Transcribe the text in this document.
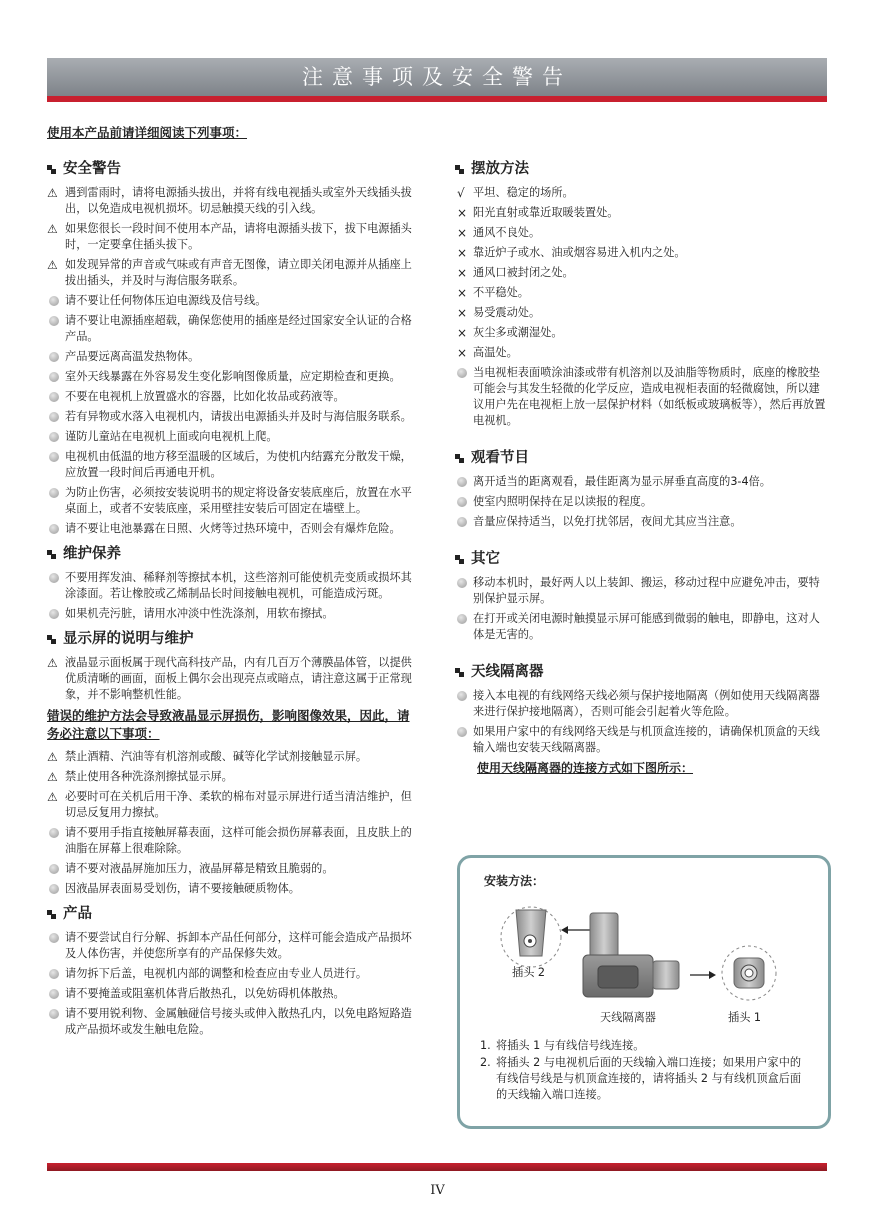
注意事项及安全警告
使用本产品前请详细阅读下列事项：
安全警告
⚠ 遇到雷雨时，请将电源插头拔出，并将有线电视插头或室外天线插头拔出，以免造成电视机损坏。切忌触摸天线的引入线。
⚠ 如果您很长一段时间不使用本产品，请将电源插头拔下，拔下电源插头时，一定要拿住插头拔下。
⚠ 如发现异常的声音或气味或有声音无图像，请立即关闭电源并从插座上拔出插头，并及时与海信服务联系。
请不要让任何物体压迫电源线及信号线。
请不要让电源插座超载，确保您使用的插座是经过国家安全认证的合格产品。
产品要远离高温发热物体。
室外天线暴露在外容易发生变化影响图像质量，应定期检查和更换。
不要在电视机上放置盛水的容器，比如化妆品或药液等。
若有异物或水落入电视机内，请拔出电源插头并及时与海信服务联系。
谨防儿童站在电视机上面或向电视机上爬。
电视机由低温的地方移至温暖的区域后，为使机内结露充分散发干燥，应放置一段时间后再通电开机。
为防止伤害，必须按安装说明书的规定将设备安装底座后，放置在水平桌面上，或者不安装底座，采用壁挂安装后可固定在墙壁上。
请不要让电池暴露在日照、火烤等过热环境中，否则会有爆炸危险。
维护保养
不要用挥发油、稀释剂等擦拭本机，这些溶剂可能使机壳变质或损坏其涂漆面。若让橡胶或乙烯制品长时间接触电视机，可能造成污斑。
如果机壳污脏，请用水冲淡中性洗涤剂，用软布擦拭。
显示屏的说明与维护
⚠ 液晶显示面板属于现代高科技产品，内有几百万个薄膜晶体管，以提供优质清晰的画面，面板上偶尔会出现亮点或暗点，请注意这属于正常现象，并不影响整机性能。
错误的维护方法会导致液晶显示屏损伤，影响图像效果，因此，请务必注意以下事项：
⚠ 禁止酒精、汽油等有机溶剂或酸、碱等化学试剂接触显示屏。
⚠ 禁止使用各种洗涤剂擦拭显示屏。
⚠ 必要时可在关机后用干净、柔软的棉布对显示屏进行适当清洁维护，但切忌反复用力擦拭。
请不要用手指直接触屏幕表面，这样可能会损伤屏幕表面，且皮肤上的油脂在屏幕上很难除除。
请不要对液晶屏施加压力，液晶屏幕是精致且脆弱的。
因液晶屏表面易受划伤，请不要接触硬质物体。
产品
请不要尝试自行分解、拆卸本产品任何部分，这样可能会造成产品损坏及人体伤害，并使您所享有的产品保修失效。
请勿拆下后盖，电视机内部的调整和检查应由专业人员进行。
请不要掩盖或阻塞机体背后散热孔，以免妨碍机体散热。
请不要用锐利物、金属触碰信号接头或伸入散热孔内，以免电路短路造成产品损坏或发生触电危险。
摆放方法
√ 平坦、稳定的场所。
× 阳光直射或靠近取暖装置处。
× 通风不良处。
× 靠近炉子或水、油或烟容易进入机内之处。
× 通风口被封闭之处。
× 不平稳处。
× 易受震动处。
× 灰尘多或潮湿处。
× 高温处。
当电视柜表面喷涂油漆或带有机溶剂以及油脂等物质时，底座的橡胶垫可能会与其发生轻微的化学反应，造成电视柜表面的轻微腐蚀，所以建议用户先在电视柜上放一层保护材料（如纸板或玻璃板等），然后再放置电视机。
观看节目
离开适当的距离观看，最佳距离为显示屏垂直高度的3-4倍。
使室内照明保持在足以读报的程度。
音量应保持适当，以免打扰邻居，夜间尤其应当注意。
其它
移动本机时，最好两人以上装卸、搬运，移动过程中应避免冲击，要特别保护显示屏。
在打开或关闭电源时触摸显示屏可能感到微弱的触电，即静电，这对人体是无害的。
天线隔离器
接入本电视的有线网络天线必须与保护接地隔离（例如使用天线隔离器来进行保护接地隔离），否则可能会引起着火等危险。
如果用户家中的有线网络天线是与机顶盒连接的，请确保机顶盒的天线输入端也安装天线隔离器。
使用天线隔离器的连接方式如下图所示：
安装方法：
插头 2
天线隔离器	插头 1
1. 将插头 1 与有线信号线连接。
2. 将插头 2 与电视机后面的天线输入端口连接；如果用户家中的有线信号线是与机顶盒连接的，请将插头 2 与有线机顶盒后面的天线输入端口连接。
IV
